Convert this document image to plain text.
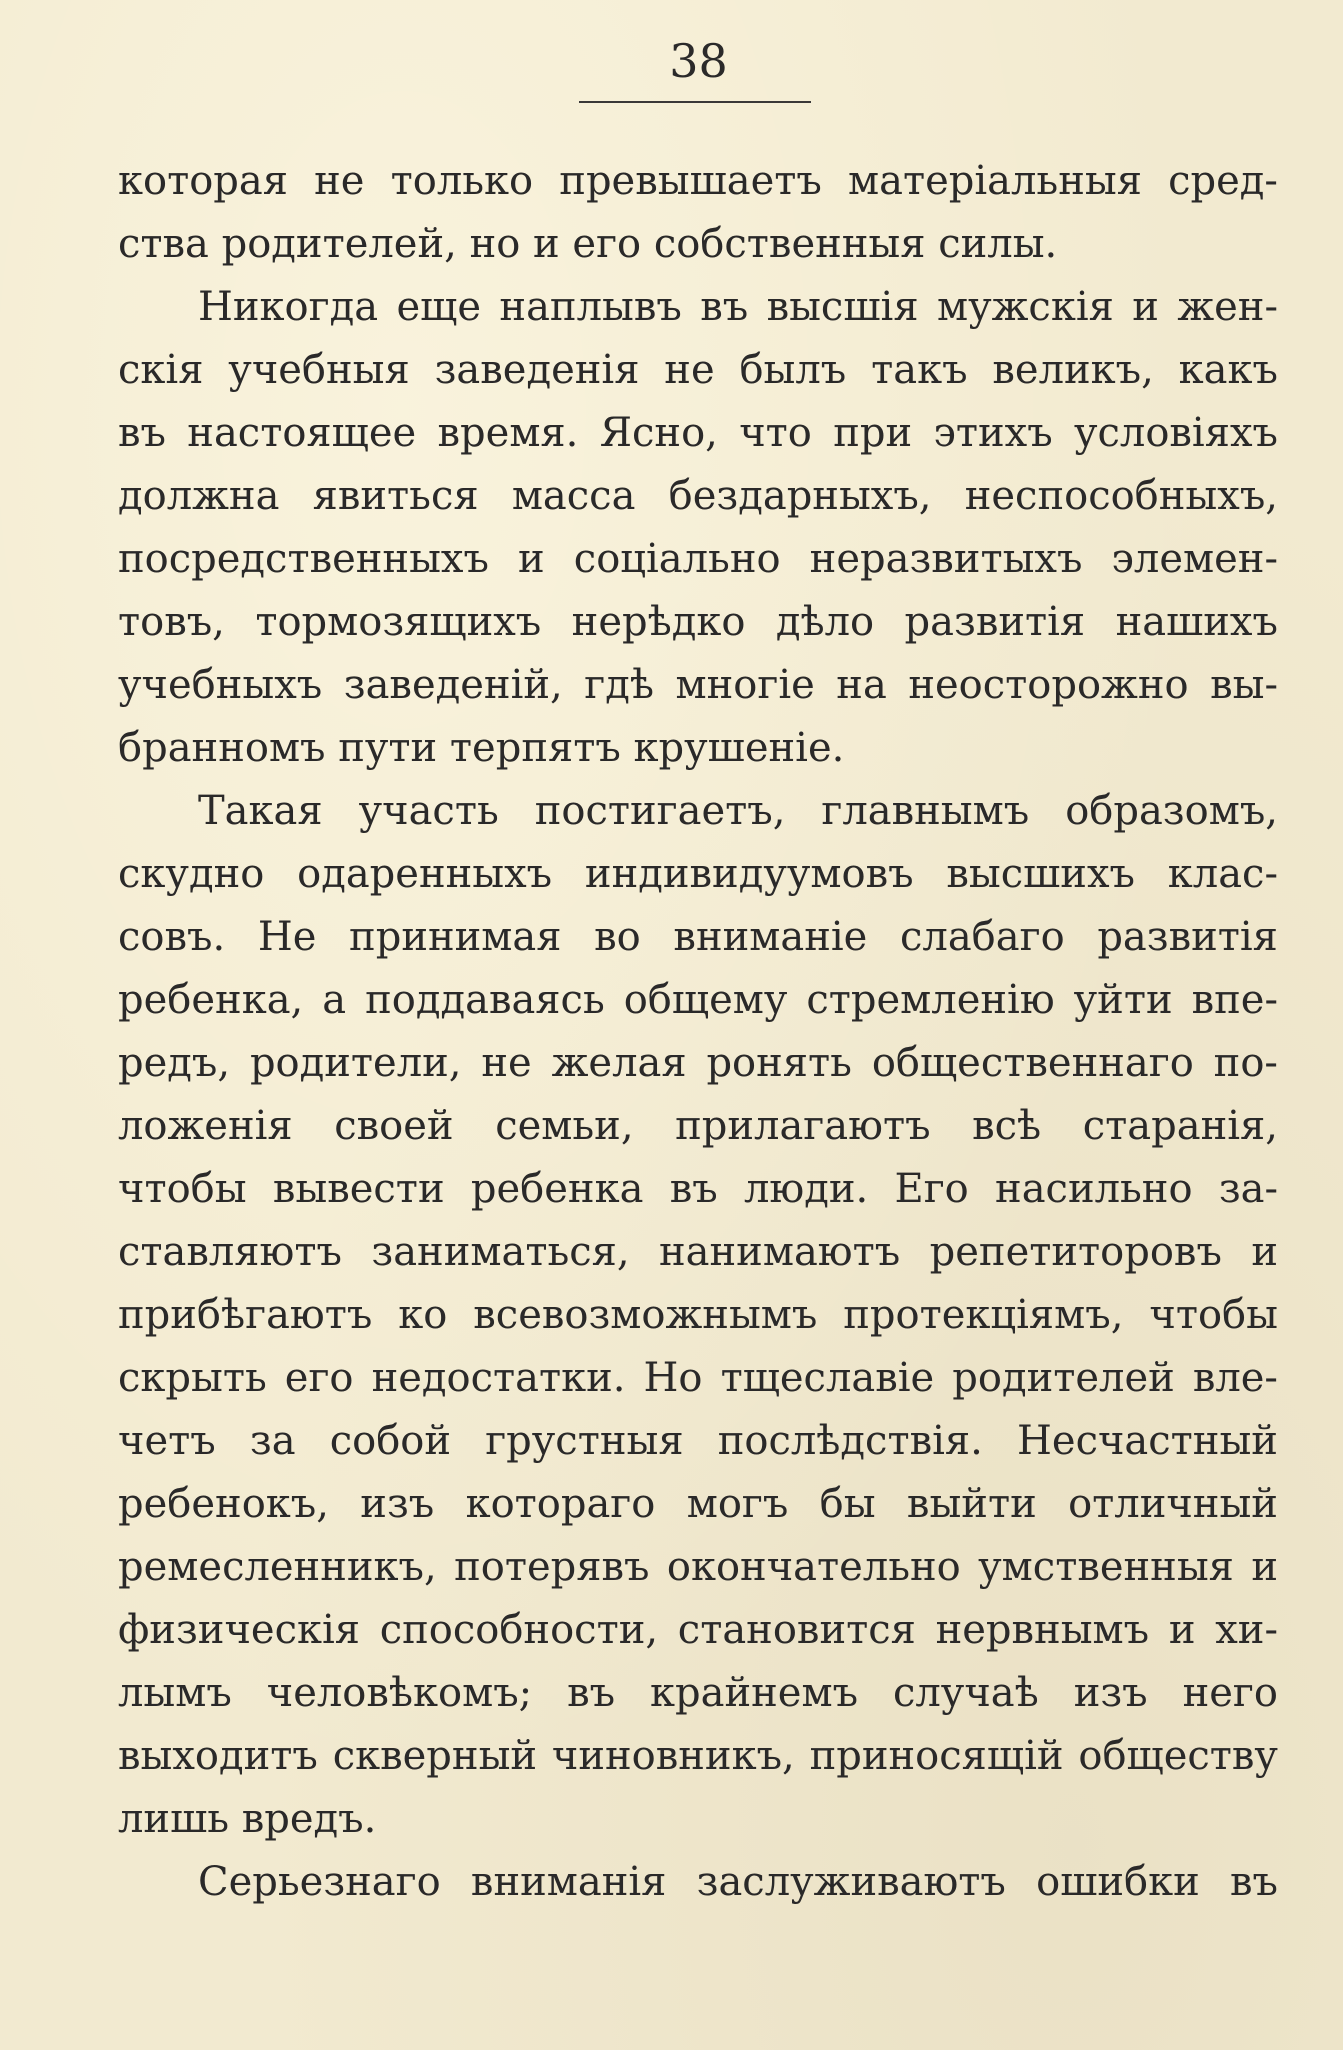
38
которая не только превышаетъ матеріальныя сред-
ства родителей, но и его собственныя силы.
Никогда еще наплывъ въ высшія мужскія и жен-
скія учебныя заведенія не былъ такъ великъ, какъ
въ настоящее время. Ясно, что при этихъ условіяхъ
должна явиться масса бездарныхъ, неспособныхъ,
посредственныхъ и соціально неразвитыхъ элемен-
товъ, тормозящихъ нерѣдко дѣло развитія нашихъ
учебныхъ заведеній, гдѣ многіе на неосторожно вы-
бранномъ пути терпятъ крушеніе.
Такая участь постигаетъ, главнымъ образомъ,
скудно одаренныхъ индивидуумовъ высшихъ клас-
совъ. Не принимая во вниманіе слабаго развитія
ребенка, а поддаваясь общему стремленію уйти впе-
редъ, родители, не желая ронять общественнаго по-
ложенія своей семьи, прилагаютъ всѣ старанія,
чтобы вывести ребенка въ люди. Его насильно за-
ставляютъ заниматься, нанимаютъ репетиторовъ и
прибѣгаютъ ко всевозможнымъ протекціямъ, чтобы
скрыть его недостатки. Но тщеславіе родителей вле-
четъ за собой грустныя послѣдствія. Несчастный
ребенокъ, изъ котораго могъ бы выйти отличный
ремесленникъ, потерявъ окончательно умственныя и
физическія способности, становится нервнымъ и хи-
лымъ человѣкомъ; въ крайнемъ случаѣ изъ него
выходитъ скверный чиновникъ, приносящій обществу
лишь вредъ.
Серьезнаго вниманія заслуживаютъ ошибки въ
